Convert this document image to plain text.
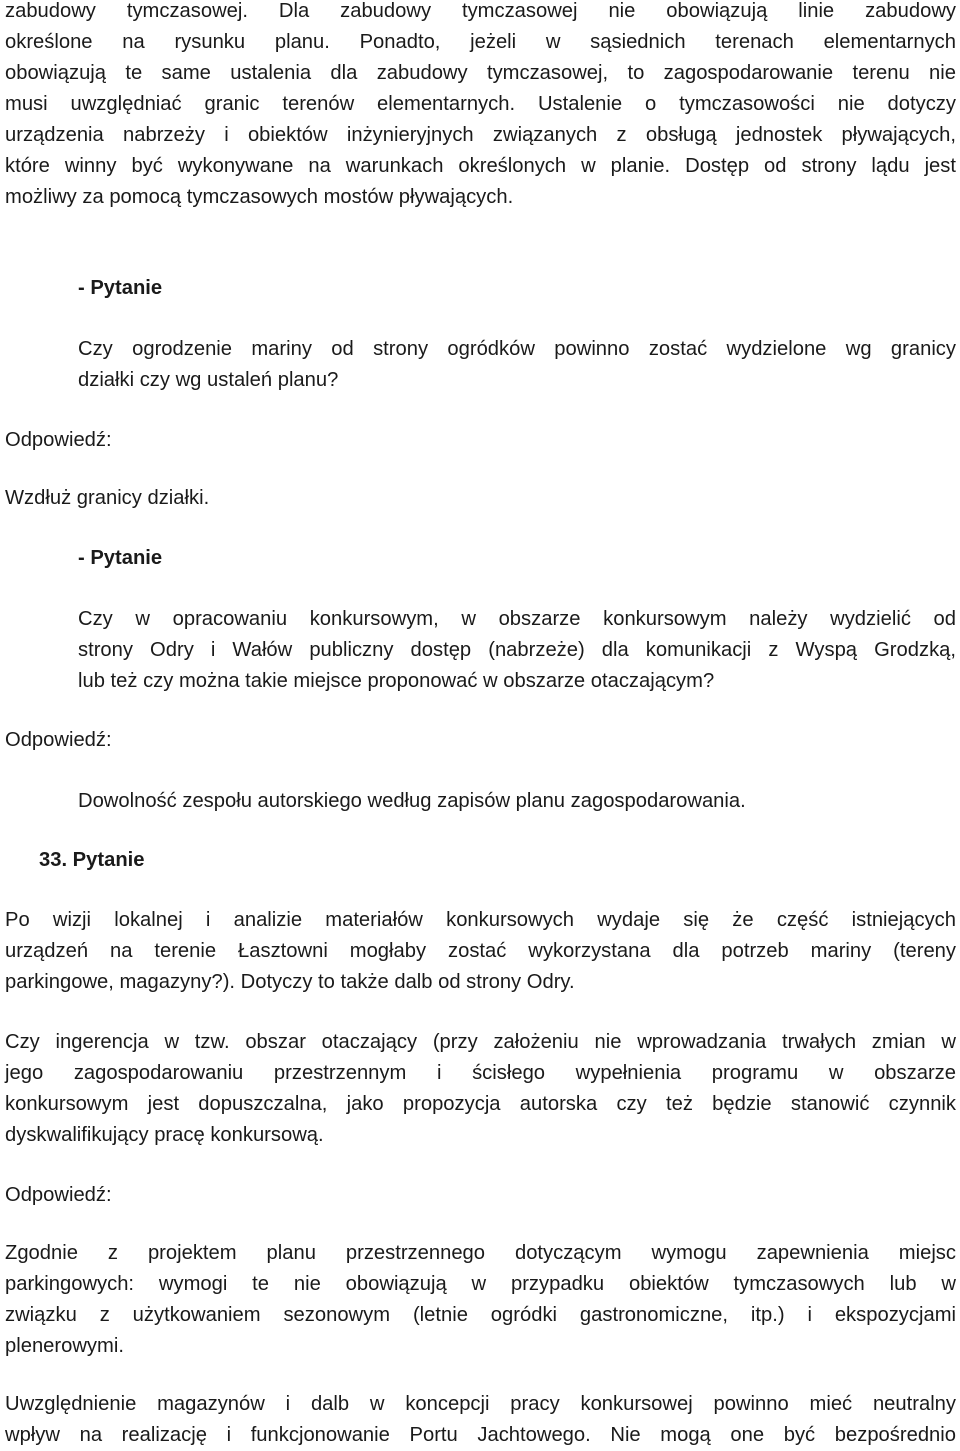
zabudowy tymczasowej. Dla zabudowy tymczasowej nie obowiązują linie zabudowy
określone na rysunku planu. Ponadto, jeżeli w sąsiednich terenach elementarnych
obowiązują te same ustalenia dla zabudowy tymczasowej, to zagospodarowanie terenu nie
musi uwzględniać granic terenów elementarnych. Ustalenie o tymczasowości nie dotyczy
urządzenia nabrzeży i obiektów inżynieryjnych związanych z obsługą jednostek pływających,
które winny być wykonywane na warunkach określonych w planie. Dostęp od strony lądu jest
możliwy za pomocą tymczasowych mostów pływających.
- Pytanie
Czy ogrodzenie mariny od strony ogródków powinno zostać wydzielone wg granicy
działki czy wg ustaleń planu?
Odpowiedź:
Wzdłuż granicy działki.
- Pytanie
Czy w opracowaniu konkursowym, w obszarze konkursowym należy wydzielić od
strony Odry i Wałów publiczny dostęp (nabrzeże) dla komunikacji z Wyspą Grodzką,
lub też czy można takie miejsce proponować w obszarze otaczającym?
Odpowiedź:
Dowolność zespołu autorskiego według zapisów planu zagospodarowania.
33. Pytanie
Po wizji lokalnej i analizie materiałów konkursowych wydaje się że część istniejących
urządzeń na terenie Łasztowni mogłaby zostać wykorzystana dla potrzeb mariny (tereny
parkingowe, magazyny?). Dotyczy to także dalb od strony Odry.
Czy ingerencja w tzw. obszar otaczający (przy założeniu nie wprowadzania trwałych zmian w
jego zagospodarowaniu przestrzennym i ścisłego wypełnienia programu w obszarze
konkursowym jest dopuszczalna, jako propozycja autorska czy też będzie stanowić czynnik
dyskwalifikujący pracę konkursową.
Odpowiedź:
Zgodnie z projektem planu przestrzennego dotyczącym wymogu zapewnienia miejsc
parkingowych: wymogi te nie obowiązują w przypadku obiektów tymczasowych lub w
związku z użytkowaniem sezonowym (letnie ogródki gastronomiczne, itp.) i ekspozycjami
plenerowymi.
Uwzględnienie magazynów i dalb w koncepcji pracy konkursowej powinno mieć neutralny
wpływ na realizację i funkcjonowanie Portu Jachtowego. Nie mogą one być bezpośrednio
